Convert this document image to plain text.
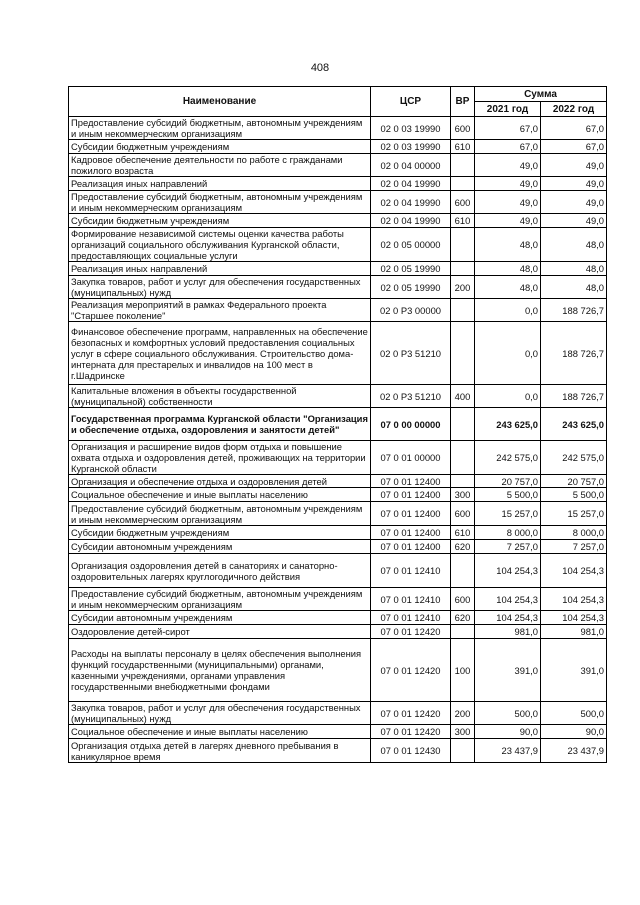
408
Наименование	ЦСР	ВР	Сумма	
			2021 год	2022 год
Предоставление субсидий бюджетным, автономным учреждениям и иным некоммерческим организациям	02 0 03 19990	600	67,0	67,0
Субсидии бюджетным учреждениям	02 0 03 19990	610	67,0	67,0
Кадровое обеспечение деятельности по работе с гражданами пожилого возраста	02 0 04 00000		49,0	49,0
Реализация иных направлений	02 0 04 19990		49,0	49,0
Предоставление субсидий бюджетным, автономным учреждениям и иным некоммерческим организациям	02 0 04 19990	600	49,0	49,0
Субсидии бюджетным учреждениям	02 0 04 19990	610	49,0	49,0
Формирование независимой системы оценки качества работы организаций социального обслуживания Курганской области, предоставляющих социальные услуги	02 0 05 00000		48,0	48,0
Реализация иных направлений	02 0 05 19990		48,0	48,0
Закупка товаров, работ и услуг для обеспечения государственных (муниципальных) нужд	02 0 05 19990	200	48,0	48,0
Реализация мероприятий в рамках Федерального проекта "Старшее поколение"	02 0 P3 00000		0,0	188 726,7
Финансовое обеспечение программ, направленных на обеспечение безопасных и комфортных условий предоставления социальных услуг в сфере социального обслуживания. Строительство дома-интерната для престарелых и инвалидов на 100 мест в г.Шадринске	02 0 P3 51210		0,0	188 726,7
Капитальные вложения в объекты государственной (муниципальной) собственности	02 0 P3 51210	400	0,0	188 726,7
Государственная программа Курганской области "Организация и обеспечение отдыха, оздоровления и занятости детей"	07 0 00 00000		243 625,0	243 625,0
Организация и расширение видов форм отдыха и повышение охвата отдыха и оздоровления детей, проживающих на территории Курганской области	07 0 01 00000		242 575,0	242 575,0
Организация и обеспечение отдыха и оздоровления детей	07 0 01 12400		20 757,0	20 757,0
Социальное обеспечение и иные выплаты населению	07 0 01 12400	300	5 500,0	5 500,0
Предоставление субсидий бюджетным, автономным учреждениям и иным некоммерческим организациям	07 0 01 12400	600	15 257,0	15 257,0
Субсидии бюджетным учреждениям	07 0 01 12400	610	8 000,0	8 000,0
Субсидии автономным учреждениям	07 0 01 12400	620	7 257,0	7 257,0
Организация оздоровления детей в санаториях и санаторно-оздоровительных лагерях круглогодичного действия	07 0 01 12410		104 254,3	104 254,3
Предоставление субсидий бюджетным, автономным учреждениям и иным некоммерческим организациям	07 0 01 12410	600	104 254,3	104 254,3
Субсидии автономным учреждениям	07 0 01 12410	620	104 254,3	104 254,3
Оздоровление детей-сирот	07 0 01 12420		981,0	981,0
Расходы на выплаты персоналу в целях обеспечения выполнения функций государственными (муниципальными) органами, казенными учреждениями, органами управления государственными внебюджетными фондами	07 0 01 12420	100	391,0	391,0
Закупка товаров, работ и услуг для обеспечения государственных (муниципальных) нужд	07 0 01 12420	200	500,0	500,0
Социальное обеспечение и иные выплаты населению	07 0 01 12420	300	90,0	90,0
Организация отдыха детей в лагерях дневного пребывания в каникулярное время	07 0 01 12430		23 437,9	23 437,9
